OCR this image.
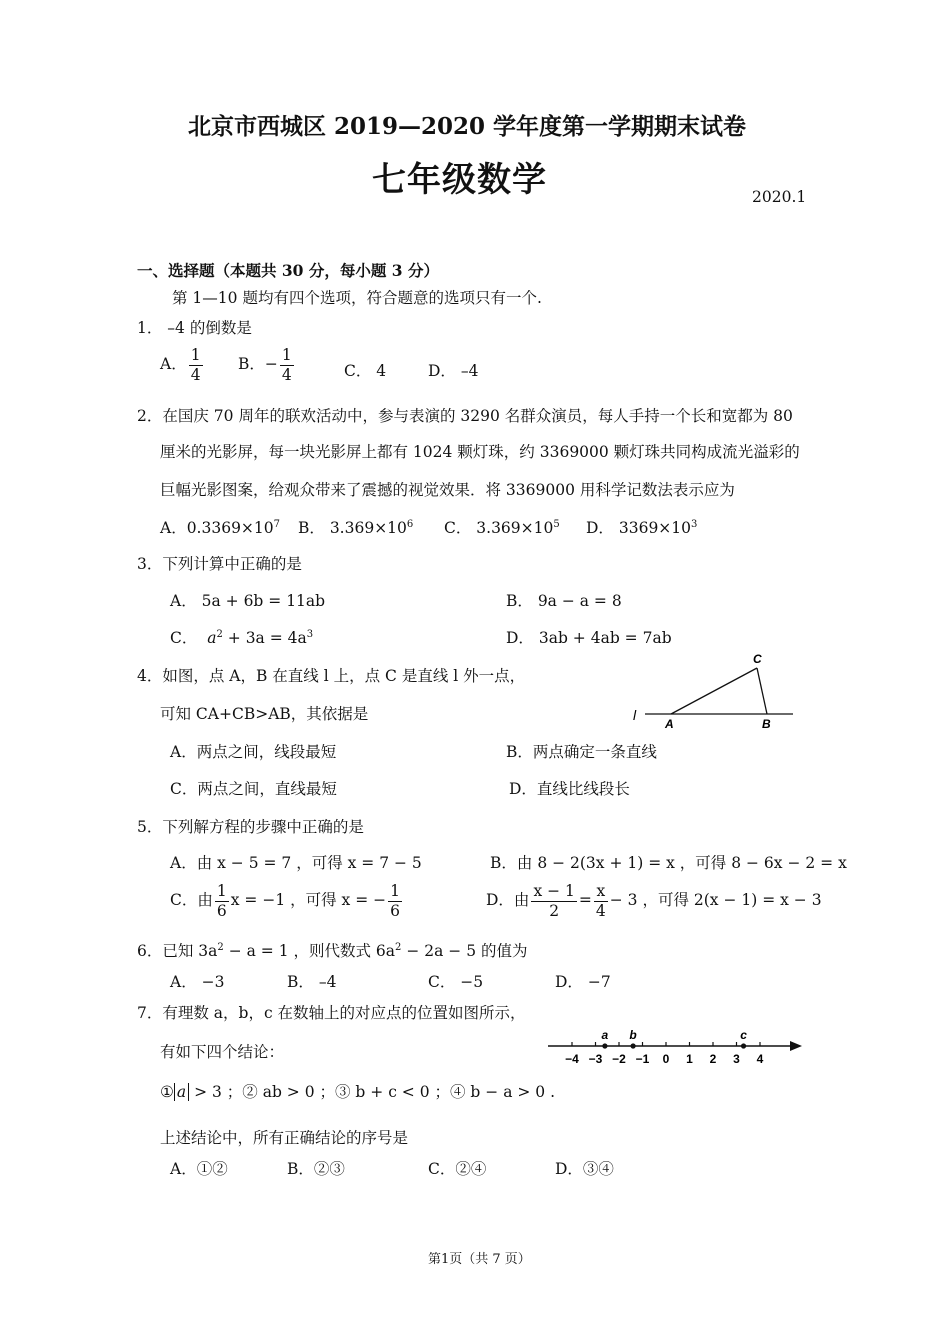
北京市西城区 2019—2020 学年度第一学期期末试卷
七年级数学	2020.1
一、选择题（本题共 30 分，每小题 3 分）
第 1—10 题均有四个选项，符合题意的选项只有一个.
1． –4 的倒数是
A． $\frac{1}{4}$ B．− $\frac{1}{4}$	C． 4	D． –4
2．在国庆 70 周年的联欢活动中，参与表演的 3290 名群众演员，每人手持一个长和宽都为 80
厘米的光影屏，每一块光影屏上都有 1024 颗灯珠，约 3369000 颗灯珠共同构成流光溢彩的
巨幅光影图案，给观众带来了震撼的视觉效果．将 3369000 用科学记数法表示应为
A．$0.3369\times 10^7$ B． $3.369\times 10^6$ C． $3.369\times 10^5$ D． $3369\times 10^3$
3．下列计算中正确的是
A． 5a + 6b = 11ab	B． 9a − a = 8
C． $a^2 + 3a = 4a^3$	D． 3ab + 4ab = 7ab
4．如图，点 A，B 在直线 l 上，点 C 是直线 l 外一点，
可知 CA+CB>AB，其依据是	l
A	B
C
A．两点之间，线段最短	B．两点确定一条直线
C．两点之间，直线最短	D．直线比线段长
5．下列解方程的步骤中正确的是
A．由 x − 5 = 7 ，可得 x = 7 − 5	B．由 8 − 2(3x + 1) = x ，可得 8 − 6x − 2 = x
C．由 $\frac{1}{6}$ x = −1 ，可得 x = − $\frac{1}{6}$	D．由 $\frac{x - 1}{2} = \frac{x}{4} - 3$ ，可得 2(x − 1) = x − 3
6．已知 $3a^2 - a = 1$ ，则代数式 $6a^2 - 2a - 5$ 的值为
A． −3	B． –4	C． −5	D． −7
7．有理数 a，b，c 在数轴上的对应点的位置如图所示，
有如下四个结论：	−4 −3 −2 −1 0 1 2 3 4
a b	c
① a > 3 ；② ab > 0 ；③ b + c < 0 ；④ b − a > 0 .
上述结论中，所有正确结论的序号是
A．①②	B．②③	C．②④	D．③④
第1页（共 7 页）
